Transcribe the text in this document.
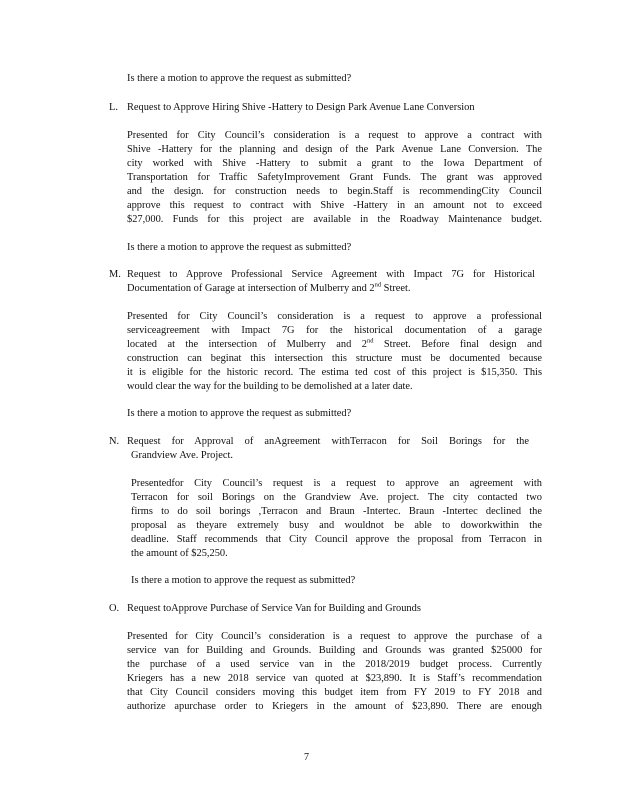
Is there a motion to approve the request as submitted?

L. Request to Approve Hiring Shive -Hattery to Design Park Avenue Lane Conversion

Presented for City Council’s consideration is a request to approve a contract with

Shive -Hattery for the planning and design of the Park Avenue Lane Conversion. The

city worked with Shive -Hattery to submit a grant to the Iowa Department of

Transportation for Traffic SafetyImprovement Grant Funds. The grant was approved

and the design. for construction needs to begin.Staff is recommendingCity Council

approve this request to contract with Shive -Hattery in an amount not to exceed

$27,000. Funds for this project are available in the Roadway Maintenance budget.

Is there a motion to approve the request as submitted?

M. Request to Approve Professional Service Agreement with Impact 7G for Historical

Documentation of Garage at intersection of Mulberry and 2nd Street.

Presented for City Council’s consideration is a request to approve a professional

serviceagreement with Impact 7G for the historical documentation of a garage

located at the intersection of Mulberry and 2nd Street. Before final design and

construction can beginat this intersection this structure must be documented because

it is eligible for the historic record. The estima ted cost of this project is $15,350. This

would clear the way for the building to be demolished at a later date.

Is there a motion to approve the request as submitted?

N. Request for Approval of anAgreement withTerracon for Soil Borings for the

Grandview Ave. Project.

Presentedfor City Council’s request is a request to approve an agreement with

Terracon for soil Borings on the Grandview Ave. project. The city contacted two

firms to do soil borings ,Terracon and Braun -Intertec. Braun -Intertec declined the

proposal as theyare extremely busy and wouldnot be able to doworkwithin the

deadline. Staff recommends that City Council approve the proposal from Terracon in

the amount of $25,250.

Is there a motion to approve the request as submitted?

O. Request toApprove Purchase of Service Van for Building and Grounds

Presented for City Council’s consideration is a request to approve the purchase of a

service van for Building and Grounds. Building and Grounds was granted $25000 for

the purchase of a used service van in the 2018/2019 budget process. Currently

Kriegers has a new 2018 service van quoted at $23,890. It is Staff’s recommendation

that City Council considers moving this budget item from FY 2019 to FY 2018 and

authorize apurchase order to Kriegers in the amount of $23,890. There are enough

7
